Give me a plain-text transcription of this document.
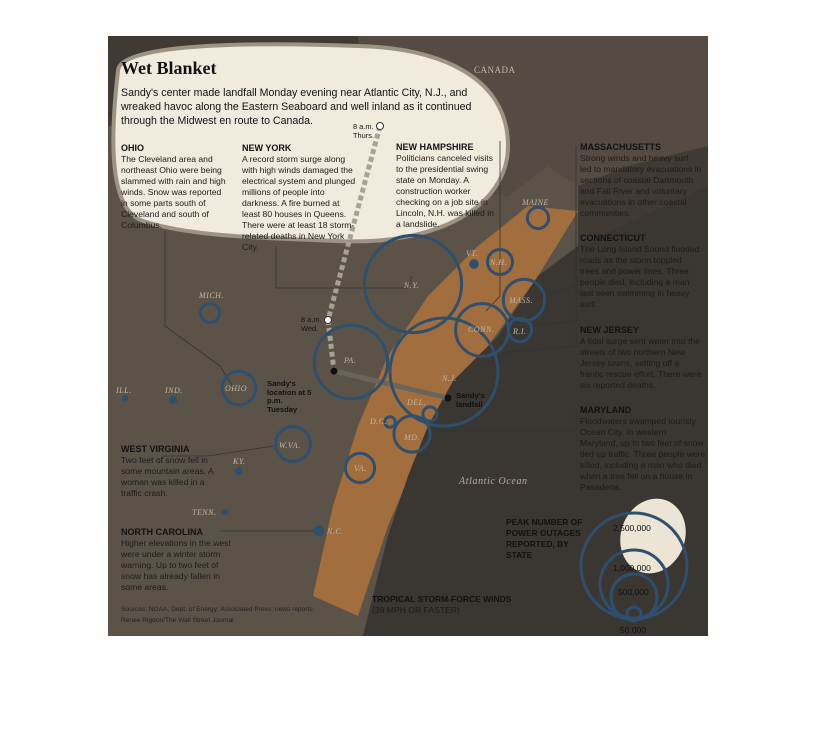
Wet Blanket
Sandy's center made landfall Monday evening near Atlantic City, N.J., and wreaked havoc along the Eastern Seaboard and well inland as it continued through the Midwest en route to Canada.
CANADA
Atlantic Ocean
MAINE
VT.
N.H.
N.Y.
MASS.
CONN. R.I.
PA.
N.J.
DEL.
MD.
D.C.
VA.
W.VA.
OHIO
MICH.
ILL.	IND.
KY.
TENN.
N.C.
8 a.m. Thurs.
8 a.m. Wed.
Sandy's location at 5 p.m. Tuesday
Sandy's landfall
OHIO
The Cleveland area and northeast Ohio were being slammed with rain and high winds. Snow was reported in some parts south of Cleveland and south of Columbus.
NEW YORK
A record storm surge along with high winds damaged the electrical system and plunged millions of people into darkness. A fire burned at least 80 houses in Queens. There were at least 18 storm-related deaths in New York City.
NEW HAMPSHIRE
Politicians canceled visits to the presidential swing state on Monday. A construction worker checking on a job site in Lincoln, N.H. was killed in a landslide.
MASSACHUSETTS
Strong winds and heavy surf led to mandatory evacuations in sections of coastal Dartmouth and Fall River and voluntary evacuations in other coastal communities.
CONNECTICUT
The Long Island Sound flooded roads as the storm toppled trees and power lines. Three people died, including a man last seen swimming in heavy surf.
NEW JERSEY
A tidal surge sent water into the streets of two northern New Jersey towns, setting off a frantic rescue effort. There were six reported deaths.
MARYLAND
Floodwaters swamped touristy Ocean City. In western Maryland, up to two feet of snow tied up traffic. Three people were killed, including a man who died when a tree fell on a house in Pasadena.
WEST VIRGINIA
Two feet of snow fell in some mountain areas. A woman was killed in a traffic crash.
NORTH CAROLINA
Higher elevations in the west were under a winter storm warning. Up to two feet of snow has already fallen in some areas.
TROPICAL STORM-FORCE WINDS
(39 MPH OR FASTER)
PEAK NUMBER OF POWER OUTAGES REPORTED, BY STATE
2,500,000
1,000,000
500,000
50,000
Sources: NOAA; Dept. of Energy; Associated Press; news reports
Renee Rigdon/The Wall Street Journal
